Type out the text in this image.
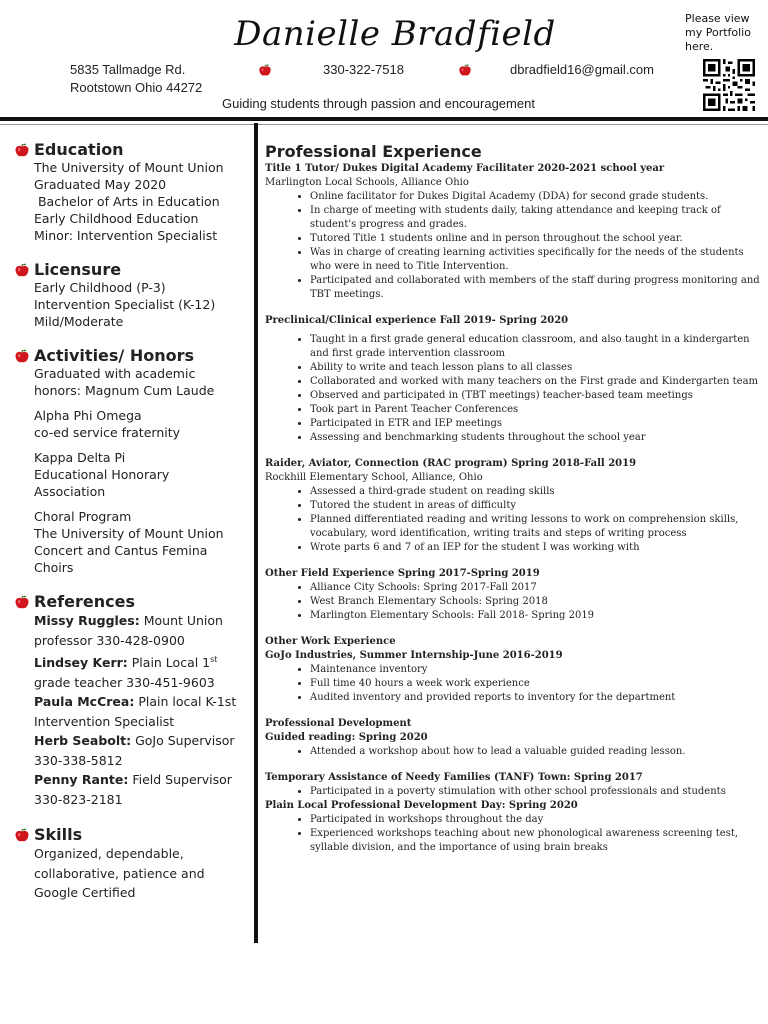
Danielle Bradfield
5835 Tallmadge Rd.
Rootstown Ohio 44272
330-322-7518	dbradfield16@gmail.com
Guiding students through passion and encouragement
Please view my Portfolio here.
Education
The University of Mount Union
Graduated May 2020
Bachelor of Arts in Education
Early Childhood Education
Minor: Intervention Specialist
Licensure
Early Childhood (P-3)
Intervention Specialist (K-12)
Mild/Moderate
Activities/ Honors
Graduated with academic
honors: Magnum Cum Laude
Alpha Phi Omega
co-ed service fraternity
Kappa Delta Pi
Educational Honorary
Association
Choral Program
The University of Mount Union
Concert and Cantus Femina
Choirs
References
Missy Ruggles: Mount Union
professor 330-428-0900
Lindsey Kerr: Plain Local 1st
grade teacher 330-451-9603
Paula McCrea: Plain local K-1st
Intervention Specialist
Herb Seabolt: GoJo Supervisor
330-338-5812
Penny Rante: Field Supervisor
330-823-2181
Skills
Organized, dependable,
collaborative, patience and
Google Certified
Professional Experience
Title 1 Tutor/ Dukes Digital Academy Facilitater 2020-2021 school year
Marlington Local Schools, Alliance Ohio
• Online facilitator for Dukes Digital Academy (DDA) for second grade students.
• In charge of meeting with students daily, taking attendance and keeping track of student's progress and grades.
• Tutored Title 1 students online and in person throughout the school year.
• Was in charge of creating learning activities specifically for the needs of the students who were in need to Title Intervention.
• Participated and collaborated with members of the staff during progress monitoring and TBT meetings.
Preclinical/Clinical experience Fall 2019- Spring 2020
• Taught in a first grade general education classroom, and also taught in a kindergarten and first grade intervention classroom
• Ability to write and teach lesson plans to all classes
• Collaborated and worked with many teachers on the First grade and Kindergarten team
• Observed and participated in (TBT meetings) teacher-based team meetings
• Took part in Parent Teacher Conferences
• Participated in ETR and IEP meetings
• Assessing and benchmarking students throughout the school year
Raider, Aviator, Connection (RAC program) Spring 2018-Fall 2019
Rockhill Elementary School, Alliance, Ohio
• Assessed a third-grade student on reading skills
• Tutored the student in areas of difficulty
• Planned differentiated reading and writing lessons to work on comprehension skills, vocabulary, word identification, writing traits and steps of writing process
• Wrote parts 6 and 7 of an IEP for the student I was working with
Other Field Experience Spring 2017-Spring 2019
• Alliance City Schools: Spring 2017-Fall 2017
• West Branch Elementary Schools: Spring 2018
• Marlington Elementary Schools: Fall 2018- Spring 2019
Other Work Experience
GoJo Industries, Summer Internship-June 2016-2019
• Maintenance inventory
• Full time 40 hours a week work experience
• Audited inventory and provided reports to inventory for the department
Professional Development
Guided reading: Spring 2020
• Attended a workshop about how to lead a valuable guided reading lesson.
Temporary Assistance of Needy Families (TANF) Town: Spring 2017
• Participated in a poverty stimulation with other school professionals and students
Plain Local Professional Development Day: Spring 2020
• Participated in workshops throughout the day
• Experienced workshops teaching about new phonological awareness screening test, syllable division, and the importance of using brain breaks
